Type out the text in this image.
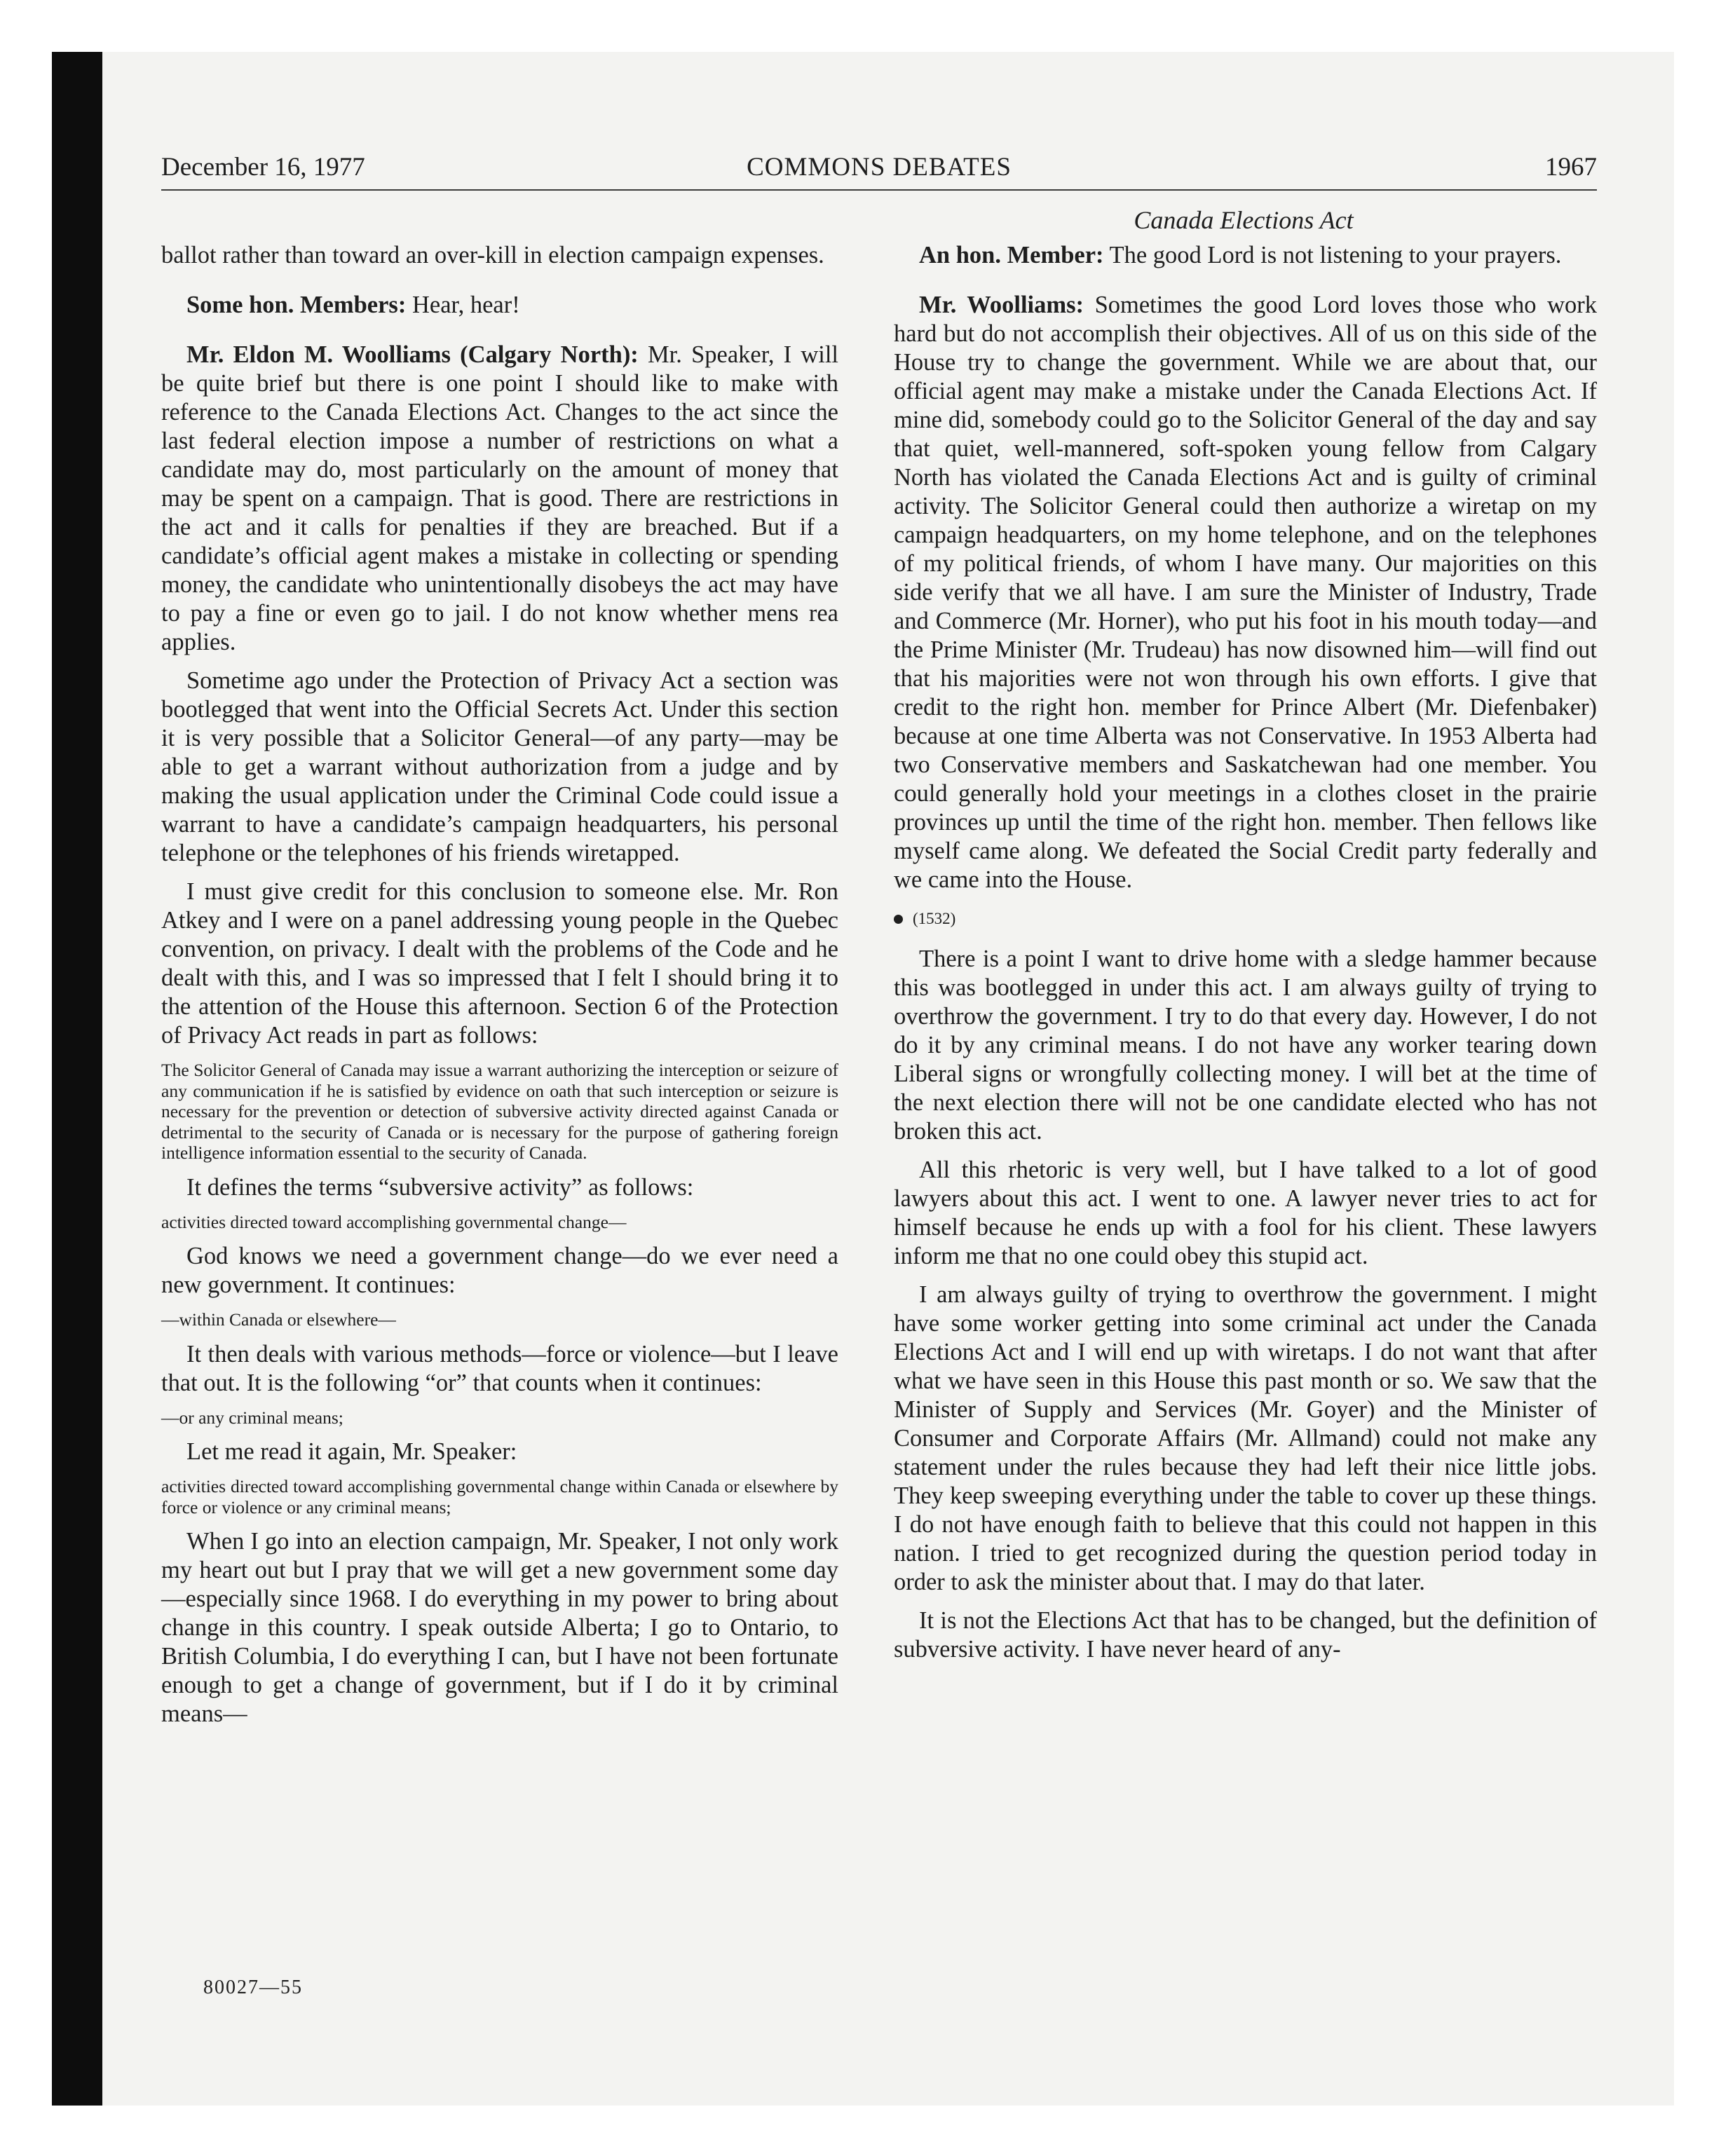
December 16, 1977	COMMONS DEBATES	1967
Canada Elections Act

ballot rather than toward an over-kill in election campaign expenses.

Some hon. Members: Hear, hear!

Mr. Eldon M. Woolliams (Calgary North): Mr. Speaker, I will be quite brief but there is one point I should like to make with reference to the Canada Elections Act. Changes to the act since the last federal election impose a number of restrictions on what a candidate may do, most particularly on the amount of money that may be spent on a campaign. That is good. There are restrictions in the act and it calls for penalties if they are breached. But if a candidate’s official agent makes a mistake in collecting or spending money, the candidate who unintentionally disobeys the act may have to pay a fine or even go to jail. I do not know whether mens rea applies.

Sometime ago under the Protection of Privacy Act a section was bootlegged that went into the Official Secrets Act. Under this section it is very possible that a Solicitor General—of any party—may be able to get a warrant without authorization from a judge and by making the usual application under the Criminal Code could issue a warrant to have a candidate’s campaign headquarters, his personal telephone or the telephones of his friends wiretapped.

I must give credit for this conclusion to someone else. Mr. Ron Atkey and I were on a panel addressing young people in the Quebec convention, on privacy. I dealt with the problems of the Code and he dealt with this, and I was so impressed that I felt I should bring it to the attention of the House this afternoon. Section 6 of the Protection of Privacy Act reads in part as follows:

The Solicitor General of Canada may issue a warrant authorizing the interception or seizure of any communication if he is satisfied by evidence on oath that such interception or seizure is necessary for the prevention or detection of subversive activity directed against Canada or detrimental to the security of Canada or is necessary for the purpose of gathering foreign intelligence information essential to the security of Canada.

It defines the terms “subversive activity” as follows:

activities directed toward accomplishing governmental change—

God knows we need a government change—do we ever need a new government. It continues:

—within Canada or elsewhere—

It then deals with various methods—force or violence—but I leave that out. It is the following “or” that counts when it continues:

—or any criminal means;

Let me read it again, Mr. Speaker:

activities directed toward accomplishing governmental change within Canada or elsewhere by force or violence or any criminal means;

When I go into an election campaign, Mr. Speaker, I not only work my heart out but I pray that we will get a new government some day—especially since 1968. I do everything in my power to bring about change in this country. I speak outside Alberta; I go to Ontario, to British Columbia, I do everything I can, but I have not been fortunate enough to get a change of government, but if I do it by criminal means—

An hon. Member: The good Lord is not listening to your prayers.

Mr. Woolliams: Sometimes the good Lord loves those who work hard but do not accomplish their objectives. All of us on this side of the House try to change the government. While we are about that, our official agent may make a mistake under the Canada Elections Act. If mine did, somebody could go to the Solicitor General of the day and say that quiet, well-mannered, soft-spoken young fellow from Calgary North has violated the Canada Elections Act and is guilty of criminal activity. The Solicitor General could then authorize a wiretap on my campaign headquarters, on my home telephone, and on the telephones of my political friends, of whom I have many. Our majorities on this side verify that we all have. I am sure the Minister of Industry, Trade and Commerce (Mr. Horner), who put his foot in his mouth today—and the Prime Minister (Mr. Trudeau) has now disowned him—will find out that his majorities were not won through his own efforts. I give that credit to the right hon. member for Prince Albert (Mr. Diefenbaker) because at one time Alberta was not Conservative. In 1953 Alberta had two Conservative members and Saskatchewan had one member. You could generally hold your meetings in a clothes closet in the prairie provinces up until the time of the right hon. member. Then fellows like myself came along. We defeated the Social Credit party federally and we came into the House.

(1532)

There is a point I want to drive home with a sledge hammer because this was bootlegged in under this act. I am always guilty of trying to overthrow the government. I try to do that every day. However, I do not do it by any criminal means. I do not have any worker tearing down Liberal signs or wrongfully collecting money. I will bet at the time of the next election there will not be one candidate elected who has not broken this act.

All this rhetoric is very well, but I have talked to a lot of good lawyers about this act. I went to one. A lawyer never tries to act for himself because he ends up with a fool for his client. These lawyers inform me that no one could obey this stupid act.

I am always guilty of trying to overthrow the government. I might have some worker getting into some criminal act under the Canada Elections Act and I will end up with wiretaps. I do not want that after what we have seen in this House this past month or so. We saw that the Minister of Supply and Services (Mr. Goyer) and the Minister of Consumer and Corporate Affairs (Mr. Allmand) could not make any statement under the rules because they had left their nice little jobs. They keep sweeping everything under the table to cover up these things. I do not have enough faith to believe that this could not happen in this nation. I tried to get recognized during the question period today in order to ask the minister about that. I may do that later.

It is not the Elections Act that has to be changed, but the definition of subversive activity. I have never heard of any-

80027—55
